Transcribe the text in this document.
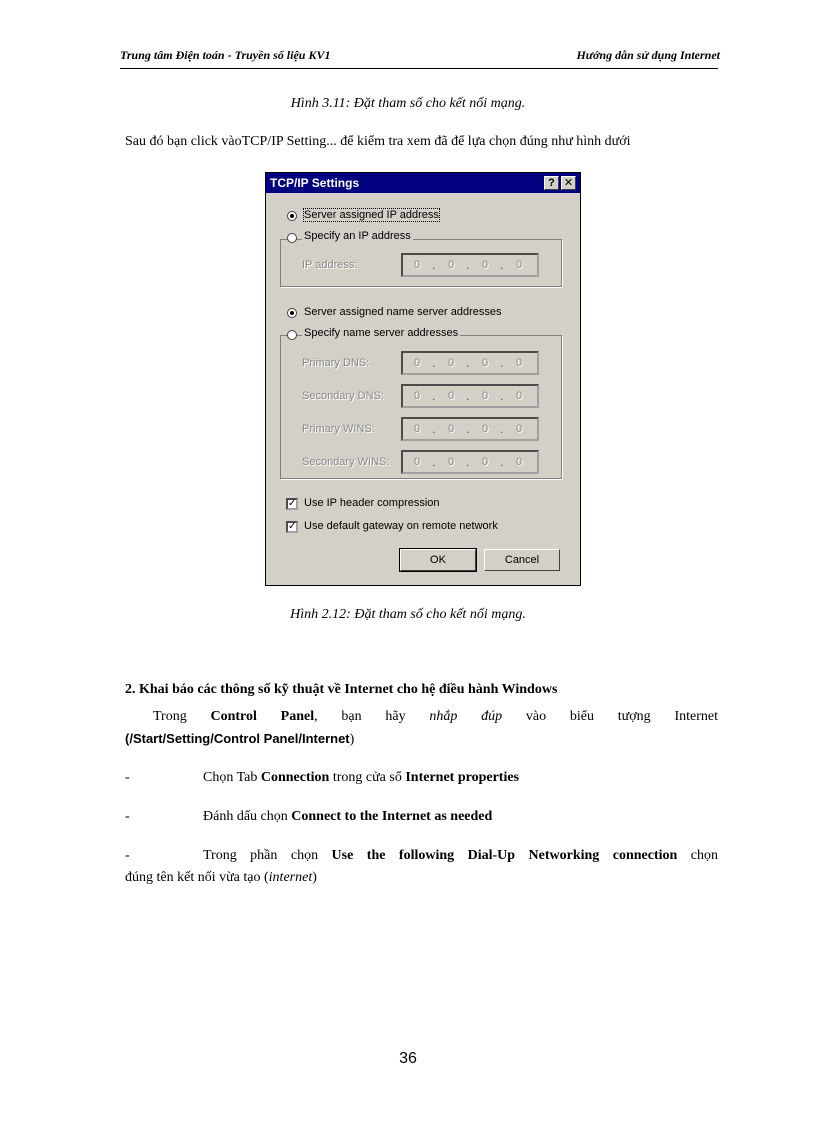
Trung tâm Điện toán - Truyền số liệu KV1	Hướng dẫn sử dụng Internet
Hình 3.11: Đặt tham số cho kết nối mạng.
Sau đó bạn click vàoTCP/IP Setting... để kiểm tra xem đã để lựa chọn đúng như hình dưới
TCP/IP Settings	? ✕
Server assigned IP address
Specify an IP address
IP address:	0 .	0 .	0 .	0
Server assigned name server addresses
Specify name server addresses
Primary DNS:	0 .	0 .	0 .	0
Secondary DNS:	0 .	0 .	0 .	0
Primary WINS:	0 .	0 .	0 .	0
Secondary WINS:	0 .	0 .	0 .	0
✓ Use IP header compression
✓ Use default gateway on remote network
OK	Cancel
Hình 2.12: Đặt tham số cho kết nối mạng.
2. Khai báo các thông số kỹ thuật về Internet cho hệ điều hành Windows
Trong Control Panel, bạn hãy nhắp đúp vào biểu tượng Internet
(/Start/Setting/Control Panel/Internet)
-	Chọn Tab Connection trong cửa sổ Internet properties
-	Đánh dấu chọn Connect to the Internet as needed
-	Trong phần chọn Use the following Dial-Up Networking connection chọn
đúng tên kết nối vừa tạo (internet)
36
